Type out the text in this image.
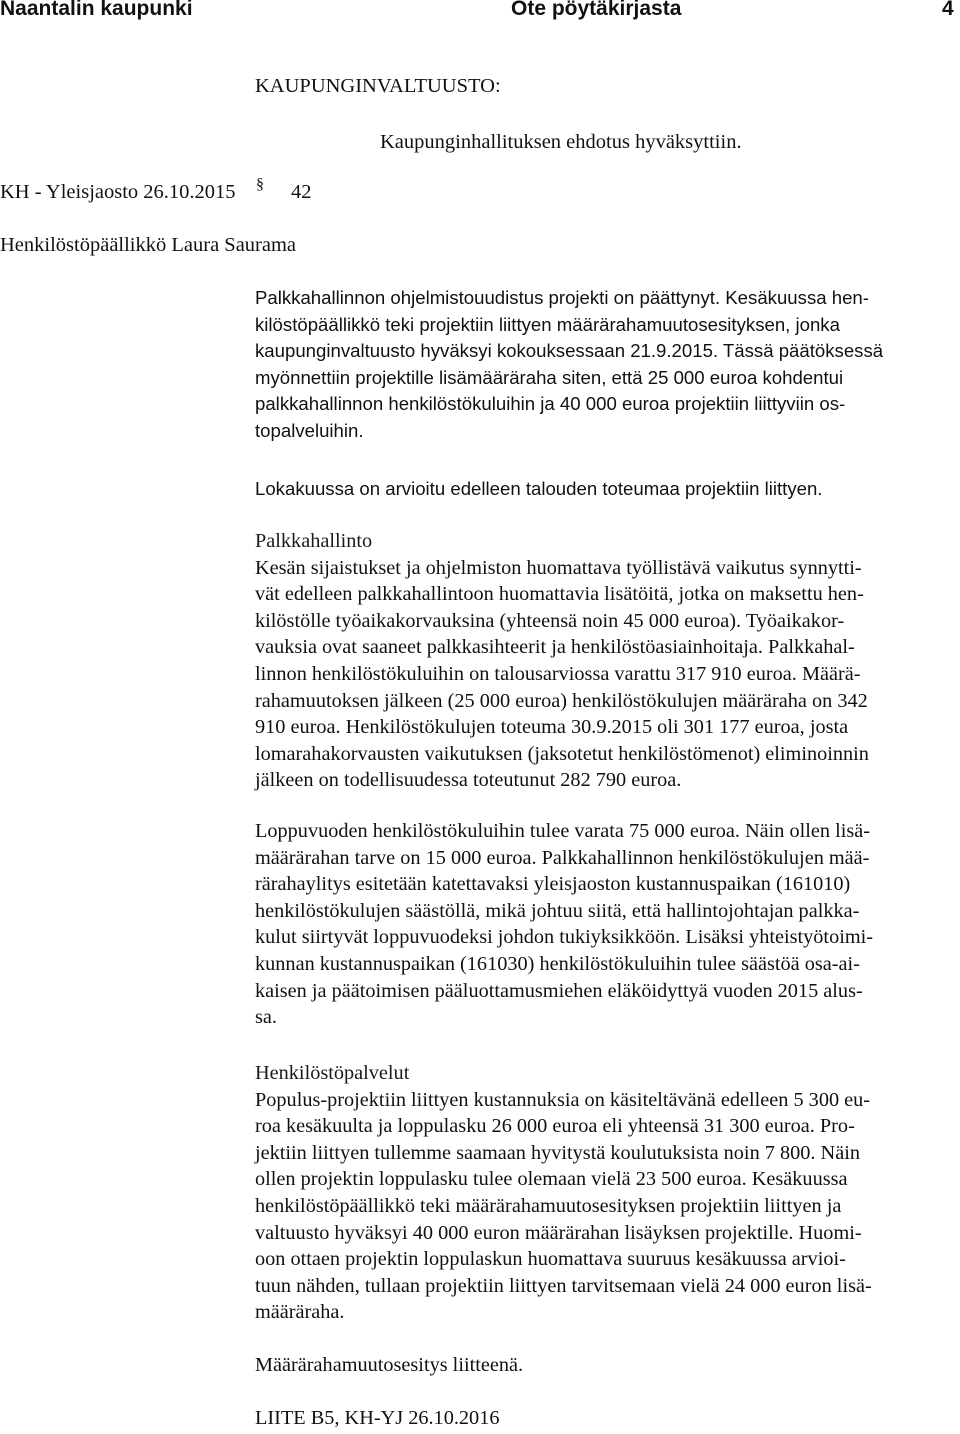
Naantalin kaupunki	Ote pöytäkirjasta	4
KAUPUNGINVALTUUSTO:
Kaupunginhallituksen ehdotus hyväksyttiin.
KH - Yleisjaosto 26.10.2015 § 42
Henkilöstöpäällikkö Laura Saurama
Palkkahallinnon ohjelmistouudistus projekti on päättynyt. Kesäkuussa hen-
kilöstöpäällikkö teki projektiin liittyen määrärahamuutosesityksen, jonka
kaupunginvaltuusto hyväksyi kokouksessaan 21.9.2015. Tässä päätöksessä
myönnettiin projektille lisämääräraha siten, että 25 000 euroa kohdentui
palkkahallinnon henkilöstökuluihin ja 40 000 euroa projektiin liittyviin os-
topalveluihin.
Lokakuussa on arvioitu edelleen talouden toteumaa projektiin liittyen.
Palkkahallinto
Kesän sijaistukset ja ohjelmiston huomattava työllistävä vaikutus synnytti-
vät edelleen palkkahallintoon huomattavia lisätöitä, jotka on maksettu hen-
kilöstölle työaikakorvauksina (yhteensä noin 45 000 euroa). Työaikakor-
vauksia ovat saaneet palkkasihteerit ja henkilöstöasiainhoitaja. Palkkahal-
linnon henkilöstökuluihin on talousarviossa varattu 317 910 euroa. Määrä-
rahamuutoksen jälkeen (25 000 euroa) henkilöstökulujen määräraha on 342
910 euroa. Henkilöstökulujen toteuma 30.9.2015 oli 301 177 euroa, josta
lomarahakorvausten vaikutuksen (jaksotetut henkilöstömenot) eliminoinnin
jälkeen on todellisuudessa toteutunut 282 790 euroa.
Loppuvuoden henkilöstökuluihin tulee varata 75 000 euroa. Näin ollen lisä-
määrärahan tarve on 15 000 euroa. Palkkahallinnon henkilöstökulujen mää-
rärahaylitys esitetään katettavaksi yleisjaoston kustannuspaikan (161010)
henkilöstökulujen säästöllä, mikä johtuu siitä, että hallintojohtajan palkka-
kulut siirtyvät loppuvuodeksi johdon tukiyksikköön. Lisäksi yhteistyötoimi-
kunnan kustannuspaikan (161030) henkilöstökuluihin tulee säästöä osa-ai-
kaisen ja päätoimisen pääluottamusmiehen eläköidyttyä vuoden 2015 alus-
sa.
Henkilöstöpalvelut
Populus-projektiin liittyen kustannuksia on käsiteltävänä edelleen 5 300 eu-
roa kesäkuulta ja loppulasku 26 000 euroa eli yhteensä 31 300 euroa. Pro-
jektiin liittyen tullemme saamaan hyvitystä koulutuksista noin 7 800. Näin
ollen projektin loppulasku tulee olemaan vielä 23 500 euroa. Kesäkuussa
henkilöstöpäällikkö teki määrärahamuutosesityksen projektiin liittyen ja
valtuusto hyväksyi 40 000 euron määrärahan lisäyksen projektille. Huomi-
oon ottaen projektin loppulaskun huomattava suuruus kesäkuussa arvioi-
tuun nähden, tullaan projektiin liittyen tarvitsemaan vielä 24 000 euron lisä-
määräraha.
Määrärahamuutosesitys liitteenä.
LIITE B5, KH-YJ 26.10.2016
